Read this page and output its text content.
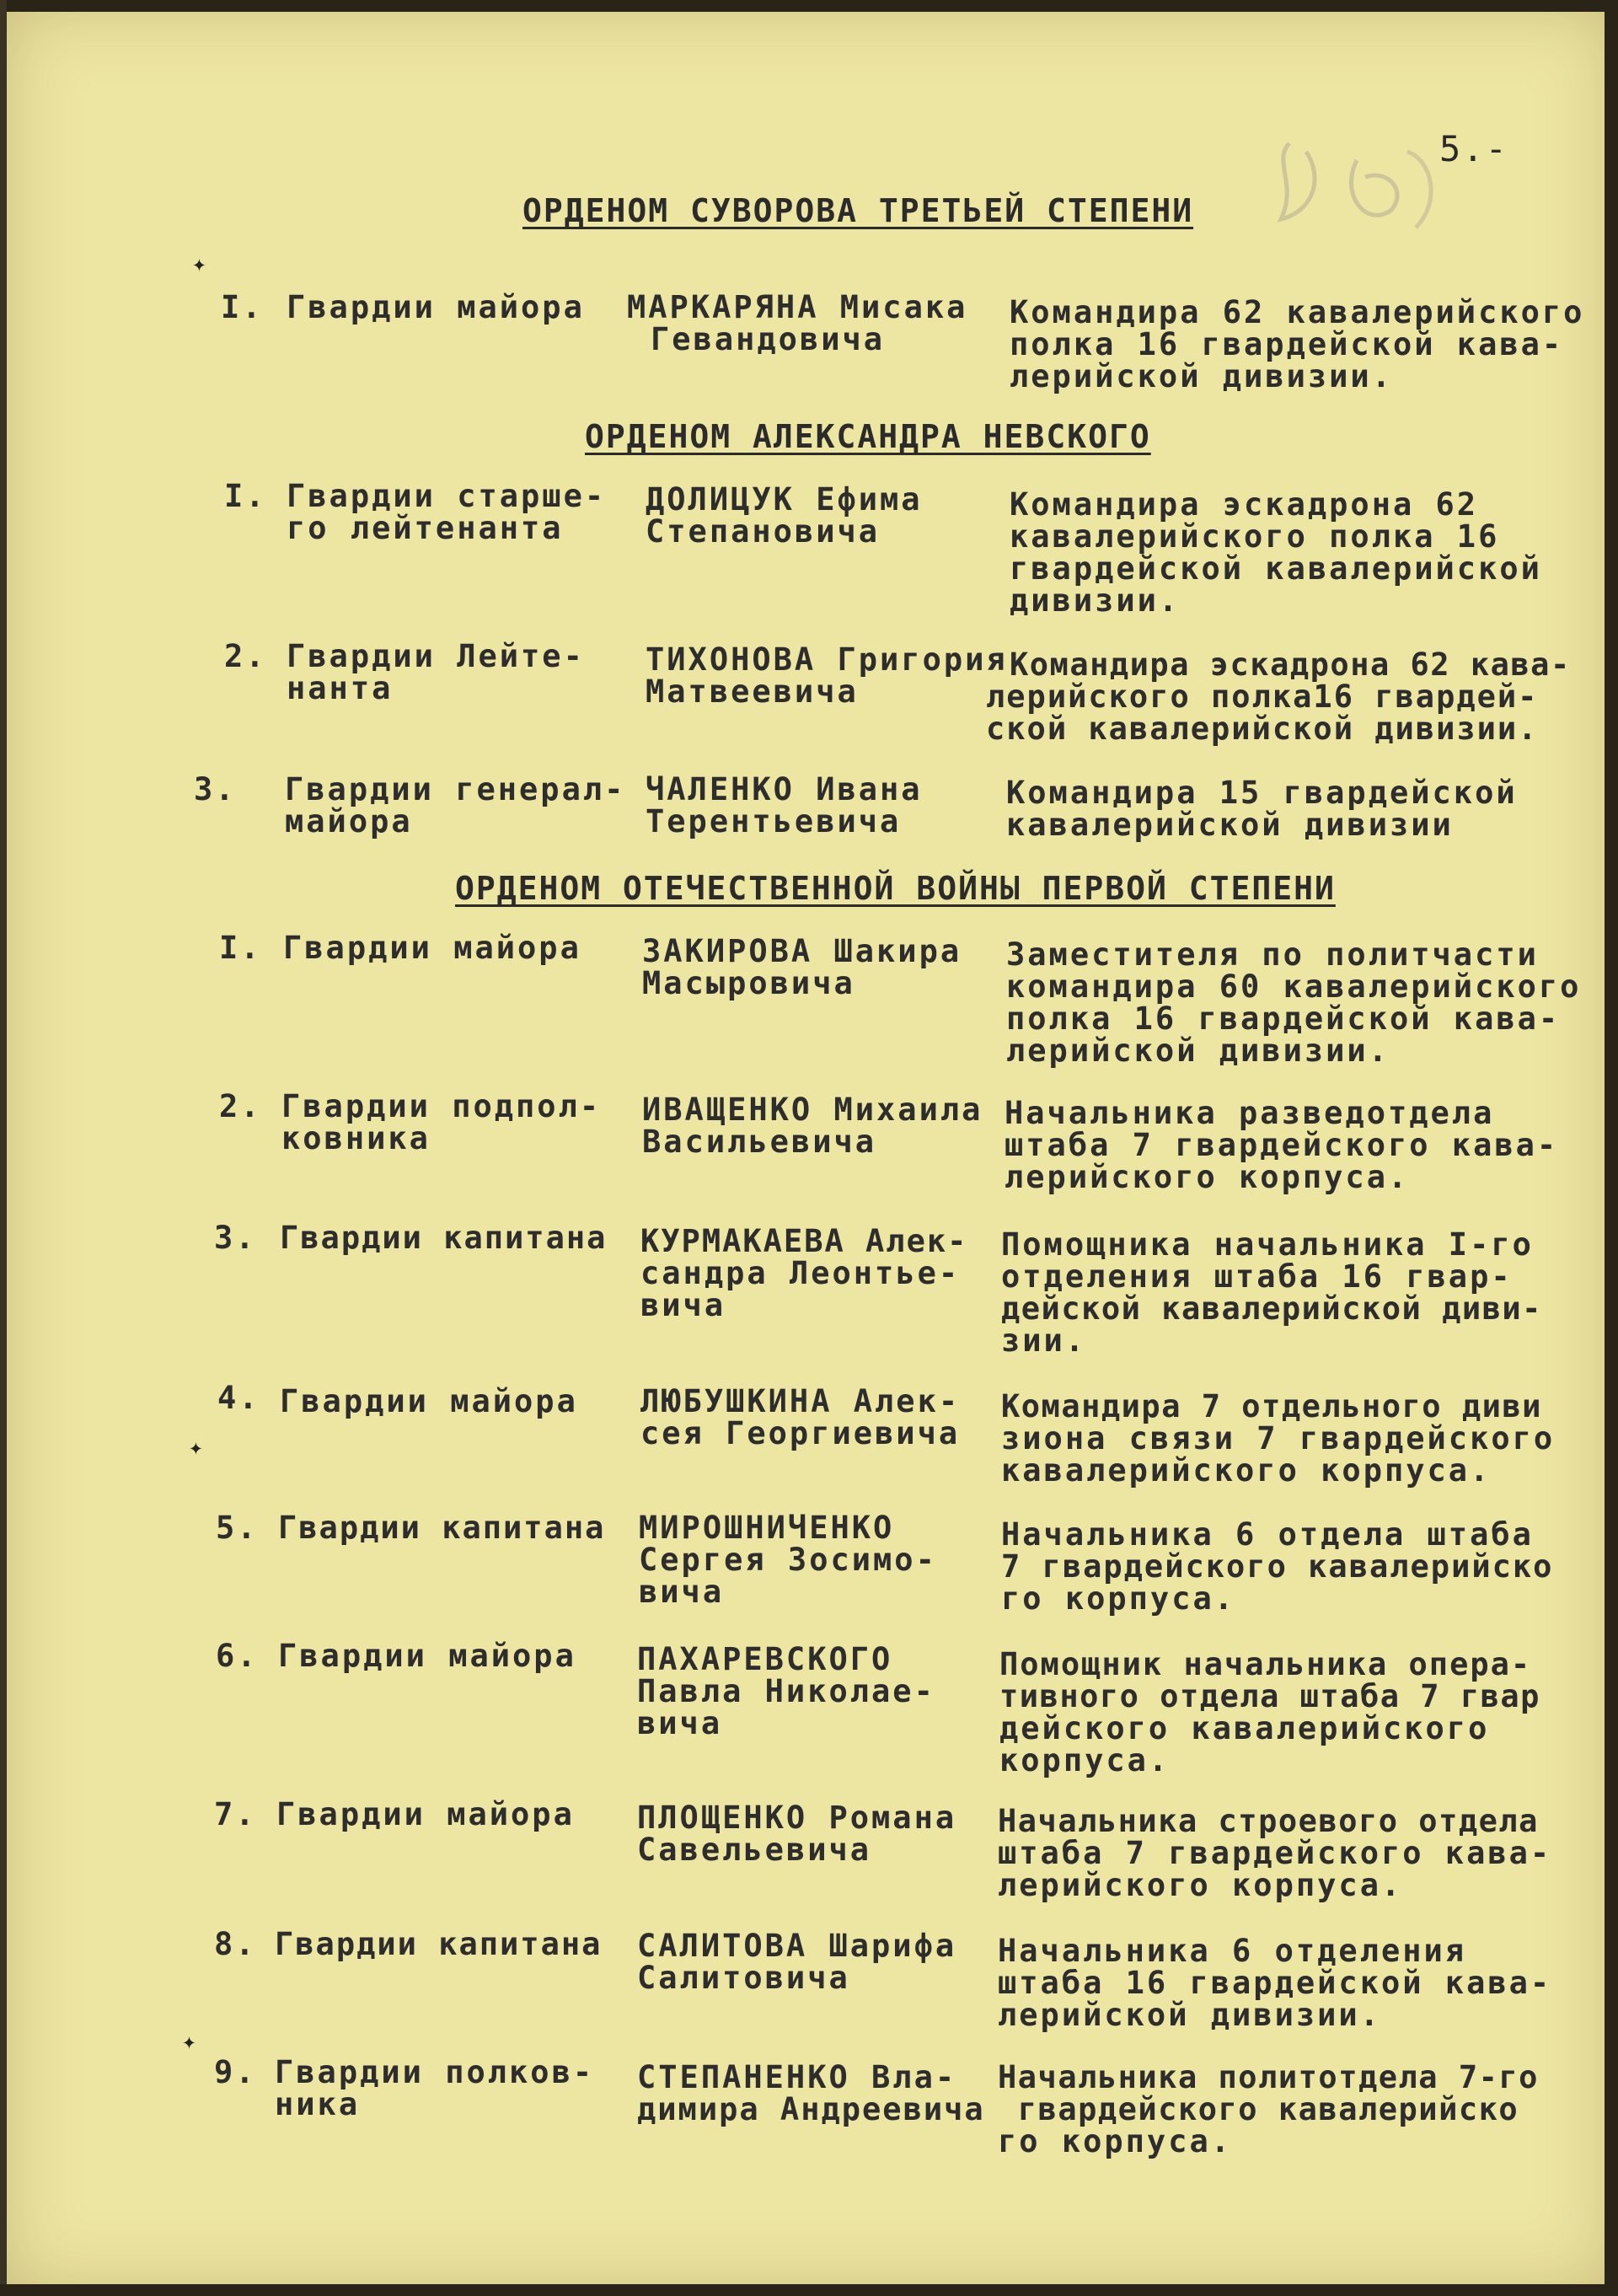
5.-
✦
✦
✦
ОРДЕНОМ СУВОРОВА ТРЕТЬЕЙ СТЕПЕНИ
I. Гвардии майора МАРКАРЯНА Мисака
Гевандовича
Командира 62 кавалерийского
полка 16 гвардейской кава-
лерийской дивизии.
ОРДЕНОМ АЛЕКСАНДРА НЕВСКОГО
I. Гвардии старше-
го лейтенанта
ДОЛИЦУК Ефима
Степановича
Командира эскадрона 62
кавалерийского полка 16
гвардейской кавалерийской
дивизии.
2. Гвардии Лейте-
нанта
ТИХОНОВА Григория
Матвеевича
Командира эскадрона 62 кава-
лерийского полка16 гвардей-
ской кавалерийской дивизии.
3. Гвардии генерал-
майора
ЧАЛЕНКО Ивана
Терентьевича
Командира 15 гвардейской
кавалерийской дивизии
ОРДЕНОМ ОТЕЧЕСТВЕННОЙ ВОЙНЫ ПЕРВОЙ СТЕПЕНИ
I. Гвардии майора ЗАКИРОВА Шакира
Масыровича
Заместителя по политчасти
командира 60 кавалерийского
полка 16 гвардейской кава-
лерийской дивизии.
2. Гвардии подпол-
ковника
ИВАЩЕНКО Михаила
Васильевича
Начальника разведотдела
штаба 7 гвардейского кава-
лерийского корпуса.
3. Гвардии капитана КУРМАКАЕВА Алек-
сандра Леонтье-
вича
Помощника начальника I-го
отделения штаба 16 гвар-
дейской кавалерийской диви-
зии.
4. Гвардии майора ЛЮБУШКИНА Алек-
сея Георгиевича
Командира 7 отдельного диви
зиона связи 7 гвардейского
кавалерийского корпуса.
5. Гвардии капитана МИРОШНИЧЕНКО
Сергея Зосимо-
вича
Начальника 6 отдела штаба
7 гвардейского кавалерийско
го корпуса.
6. Гвардии майора ПАХАРЕВСКОГО
Павла Николае-
вича
Помощник начальника опера-
тивного отдела штаба 7 гвар
дейского кавалерийского
корпуса.
7. Гвардии майора ПЛОЩЕНКО Романа
Савельевича
Начальника строевого отдела
штаба 7 гвардейского кава-
лерийского корпуса.
8. Гвардии капитана САЛИТОВА Шарифа
Салитовича
Начальника 6 отделения
штаба 16 гвардейской кава-
лерийской дивизии.
9. Гвардии полков-
ника
СТЕПАНЕНКО Вла-
димира Андреевича
Начальника политотдела 7-го
гвардейского кавалерийско
го корпуса.
